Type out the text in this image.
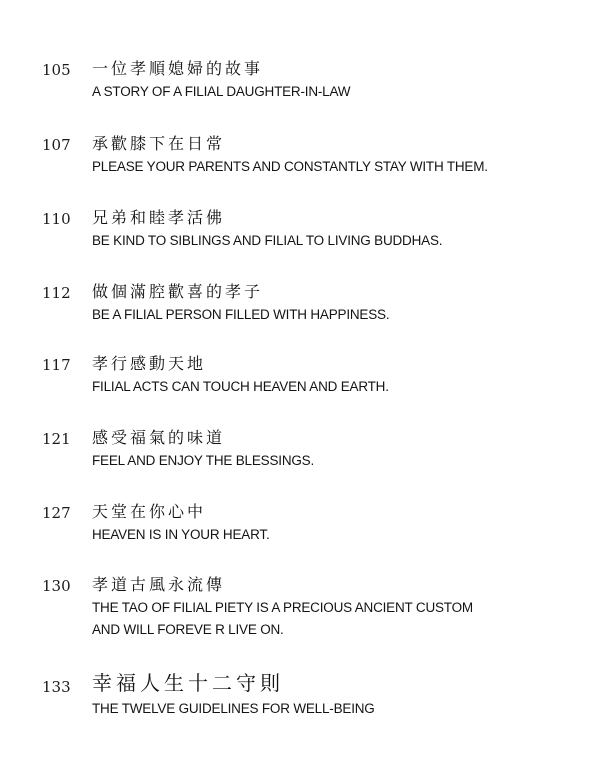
105	一位孝順媳婦的故事
A STORY OF A FILIAL DAUGHTER-IN-LAW
107	承歡膝下在日常
PLEASE YOUR PARENTS AND CONSTANTLY STAY WITH THEM.
110	兄弟和睦孝活佛
BE KIND TO SIBLINGS AND FILIAL TO LIVING BUDDHAS.
112	做個滿腔歡喜的孝子
BE A FILIAL PERSON FILLED WITH HAPPINESS.
117	孝行感動天地
FILIAL ACTS CAN TOUCH HEAVEN AND EARTH.
121	感受福氣的味道
FEEL AND ENJOY THE BLESSINGS.
127	天堂在你心中
HEAVEN IS IN YOUR HEART.
130	孝道古風永流傳
THE TAO OF FILIAL PIETY IS A PRECIOUS ANCIENT CUSTOM
AND WILL FOREVE R LIVE ON.
133	幸福人生十二守則
THE TWELVE GUIDELINES FOR WELL-BEING
